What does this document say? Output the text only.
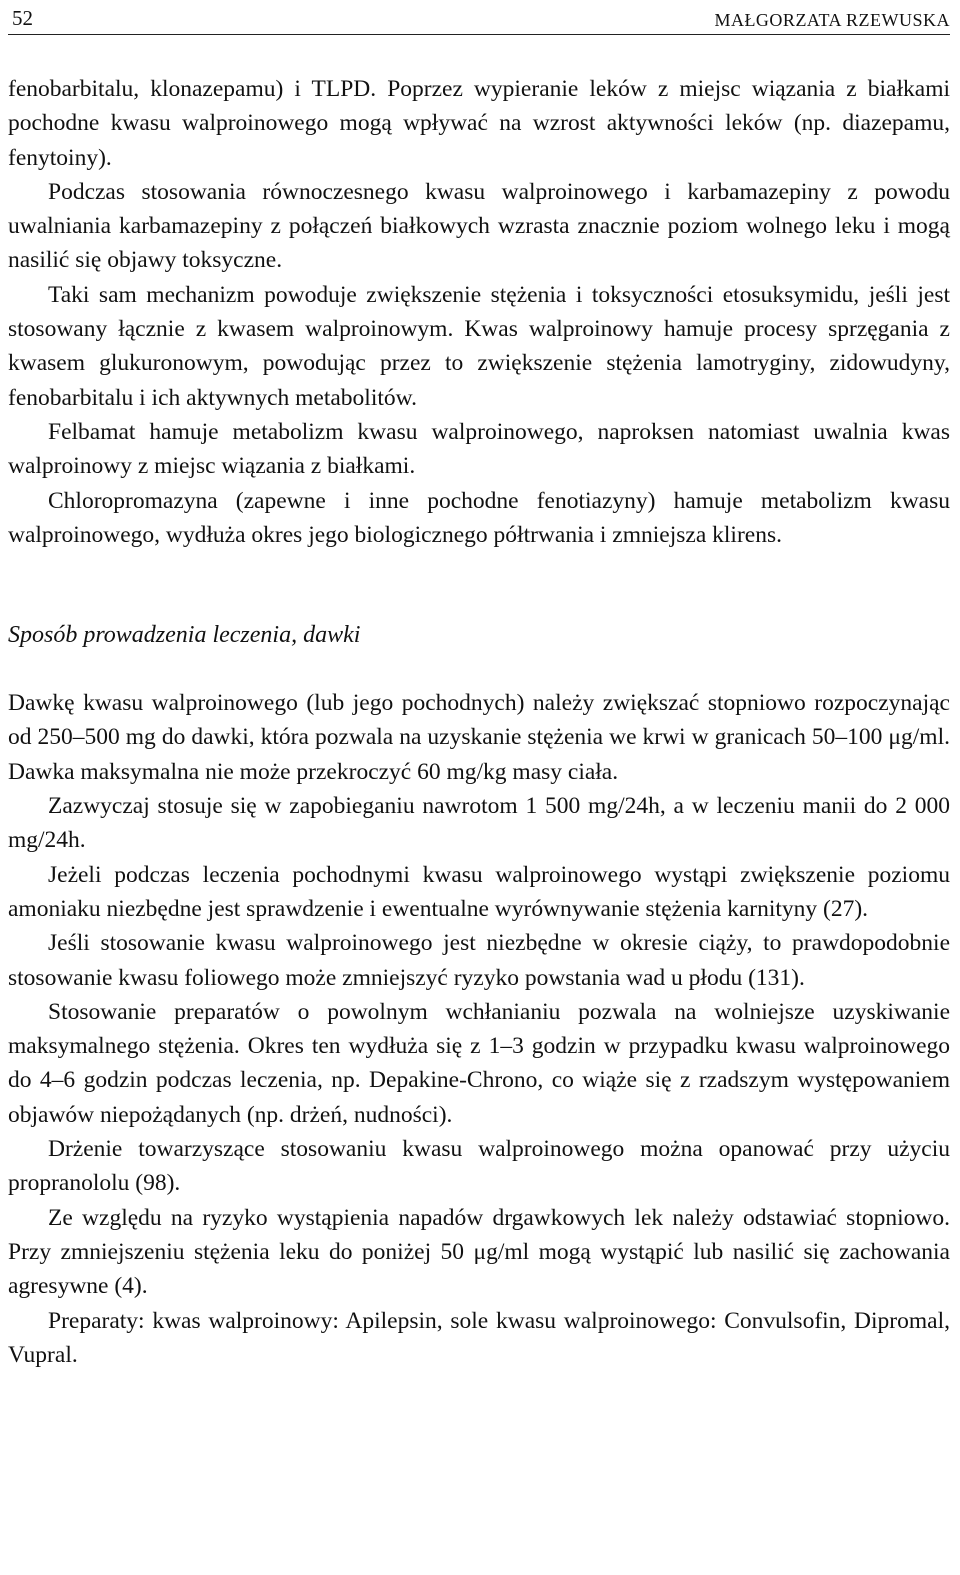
52	MAŁGORZATA RZEWUSKA

fenobarbitalu, klonazepamu) i TLPD. Poprzez wypieranie leków z miejsc wiązania z białkami pochodne kwasu walproinowego mogą wpływać na wzrost aktywności leków (np. diazepamu, fenytoiny).

Podczas stosowania równoczesnego kwasu walproinowego i karbamazepiny z powodu uwalniania karbamazepiny z połączeń białkowych wzrasta znacznie poziom wolnego leku i mogą nasilić się objawy toksyczne.

Taki sam mechanizm powoduje zwiększenie stężenia i toksyczności etosuksymidu, jeśli jest stosowany łącznie z kwasem walproinowym. Kwas walproinowy hamuje procesy sprzęgania z kwasem glukuronowym, powodując przez to zwiększenie stężenia lamotryginy, zidowudyny, fenobarbitalu i ich aktywnych metabolitów.

Felbamat hamuje metabolizm kwasu walproinowego, naproksen natomiast uwalnia kwas walproinowy z miejsc wiązania z białkami.

Chloropromazyna (zapewne i inne pochodne fenotiazyny) hamuje metabolizm kwasu walproinowego, wydłuża okres jego biologicznego półtrwania i zmniejsza klirens.

Sposób prowadzenia leczenia, dawki

Dawkę kwasu walproinowego (lub jego pochodnych) należy zwiększać stopniowo rozpoczynając od 250–500 mg do dawki, która pozwala na uzyskanie stężenia we krwi w granicach 50–100 μg/ml. Dawka maksymalna nie może przekroczyć 60 mg/kg masy ciała.

Zazwyczaj stosuje się w zapobieganiu nawrotom 1 500 mg/24h, a w leczeniu manii do 2 000 mg/24h.

Jeżeli podczas leczenia pochodnymi kwasu walproinowego wystąpi zwiększenie poziomu amoniaku niezbędne jest sprawdzenie i ewentualne wyrównywanie stężenia karnityny (27).

Jeśli stosowanie kwasu walproinowego jest niezbędne w okresie ciąży, to prawdopodobnie stosowanie kwasu foliowego może zmniejszyć ryzyko powstania wad u płodu (131).

Stosowanie preparatów o powolnym wchłanianiu pozwala na wolniejsze uzyskiwanie maksymalnego stężenia. Okres ten wydłuża się z 1–3 godzin w przypadku kwasu walproinowego do 4–6 godzin podczas leczenia, np. Depakine-Chrono, co wiąże się z rzadszym występowaniem objawów niepożądanych (np. drżeń, nudności).

Drżenie towarzyszące stosowaniu kwasu walproinowego można opanować przy użyciu propranololu (98).

Ze względu na ryzyko wystąpienia napadów drgawkowych lek należy odstawiać stopniowo. Przy zmniejszeniu stężenia leku do poniżej 50 μg/ml mogą wystąpić lub nasilić się zachowania agresywne (4).

Preparaty: kwas walproinowy: Apilepsin, sole kwasu walproinowego: Convulsofin, Dipromal, Vupral.
